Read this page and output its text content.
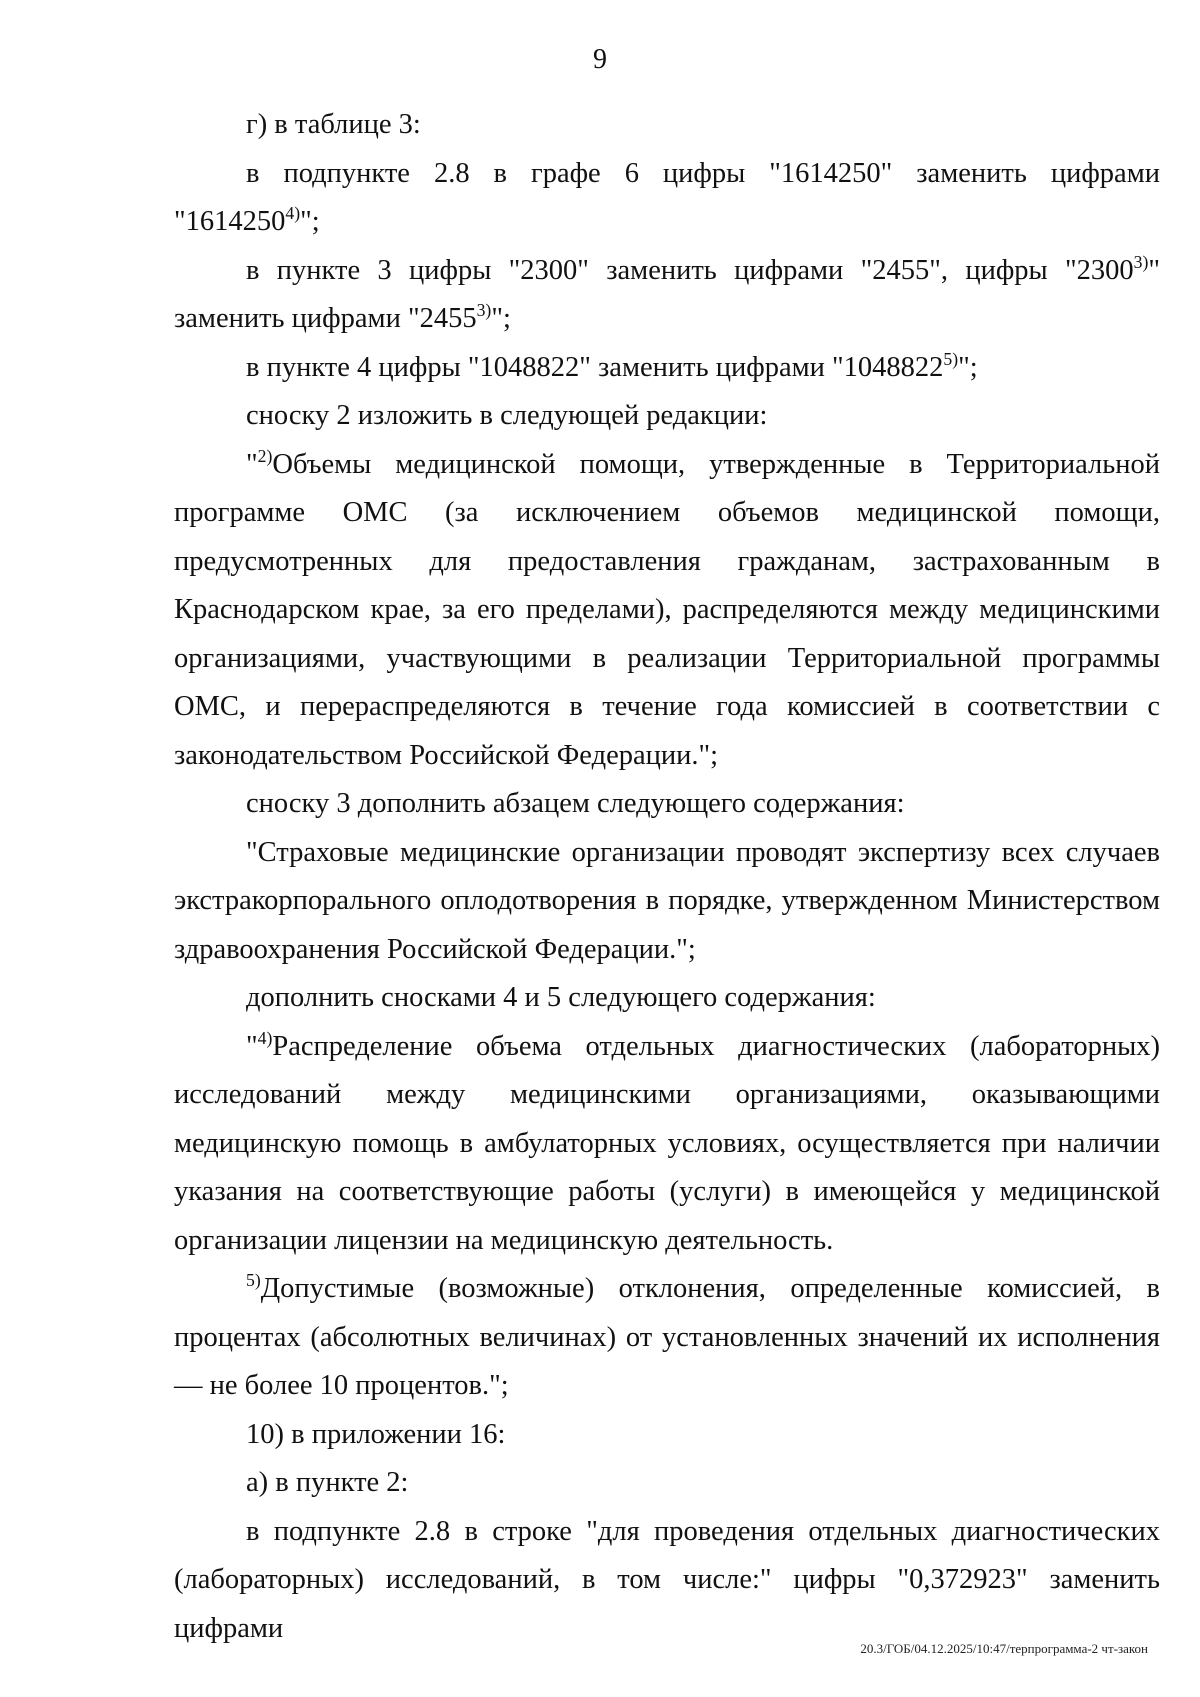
9

г) в таблице 3:

в подпункте 2.8 в графе 6 цифры "1614250" заменить цифрами "1614250$^{4)}$";

в пункте 3 цифры "2300" заменить цифрами "2455", цифры "2300$^{3)}$" заменить цифрами "2455$^{3)}$";

в пункте 4 цифры "1048822" заменить цифрами "1048822$^{5)}$";

сноску 2 изложить в следующей редакции:

"$^{2)}$Объемы медицинской помощи, утвержденные в Территориальной программе ОМС (за исключением объемов медицинской помощи, предусмотренных для предоставления гражданам, застрахованным в Краснодарском крае, за его пределами), распределяются между медицинскими организациями, участвующими в реализации Территориальной программы ОМС, и перераспределяются в течение года комиссией в соответствии с законодательством Российской Федерации.";

сноску 3 дополнить абзацем следующего содержания:

"Страховые медицинские организации проводят экспертизу всех случаев экстракорпорального оплодотворения в порядке, утвержденном Министерством здравоохранения Российской Федерации.";

дополнить сносками 4 и 5 следующего содержания:

"$^{4)}$Распределение объема отдельных диагностических (лабораторных) исследований между медицинскими организациями, оказывающими медицинскую помощь в амбулаторных условиях, осуществляется при наличии указания на соответствующие работы (услуги) в имеющейся у медицинской организации лицензии на медицинскую деятельность.

$^{5)}$Допустимые (возможные) отклонения, определенные комиссией, в процентах (абсолютных величинах) от установленных значений их исполнения — не более 10 процентов.";

10) в приложении 16:

а) в пункте 2:

в подпункте 2.8 в строке "для проведения отдельных диагностических (лабораторных) исследований, в том числе:" цифры "0,372923" заменить цифрами

20.3/ГОБ/04.12.2025/10:47/терпрограмма-2 чт-закон
